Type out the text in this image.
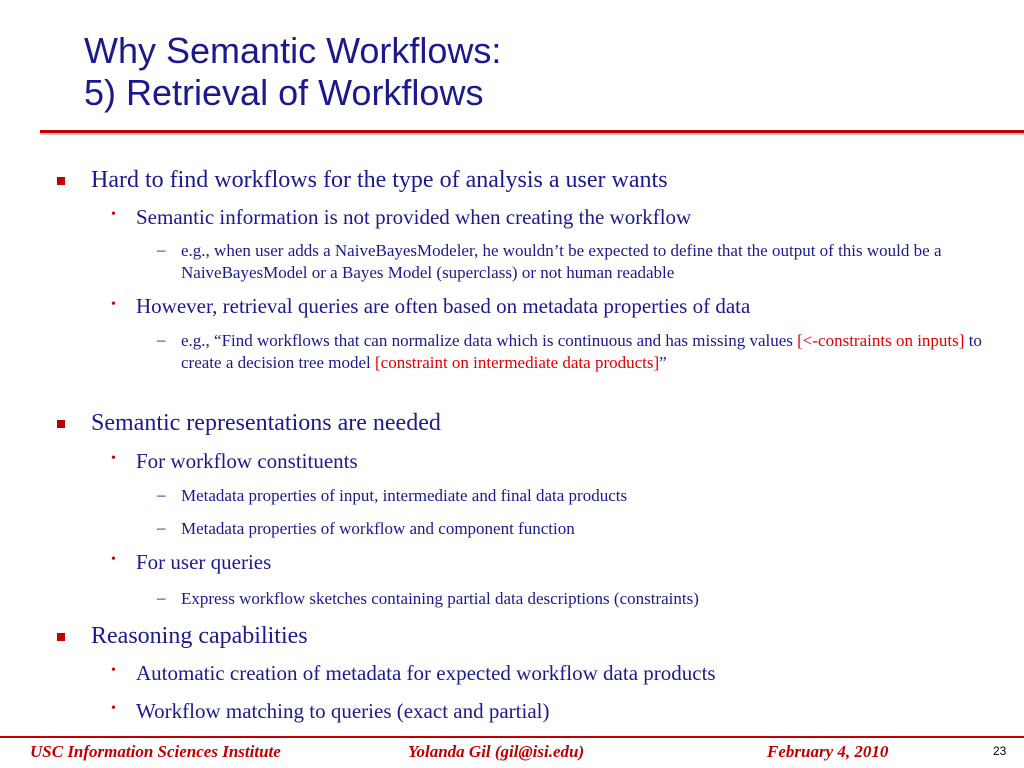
Why Semantic Workflows:
5) Retrieval of Workflows
Hard to find workflows for the type of analysis a user wants
• Semantic information is not provided when creating the workflow
– e.g., when user adds a NaiveBayesModeler, he wouldn’t be expected to define that the output of this would be a NaiveBayesModel or a Bayes Model (superclass) or not human readable
• However, retrieval queries are often based on metadata properties of data
– e.g., “Find workflows that can normalize data which is continuous and has missing values [<-constraints on inputs] to create a decision tree model [constraint on intermediate data products]”
Semantic representations are needed
• For workflow constituents
– Metadata properties of input, intermediate and final data products
– Metadata properties of workflow and component function
• For user queries
– Express workflow sketches containing partial data descriptions (constraints)
Reasoning capabilities
• Automatic creation of metadata for expected workflow data products
• Workflow matching to queries (exact and partial)
USC Information Sciences Institute	Yolanda Gil (gil@isi.edu)	February 4, 2010	23
